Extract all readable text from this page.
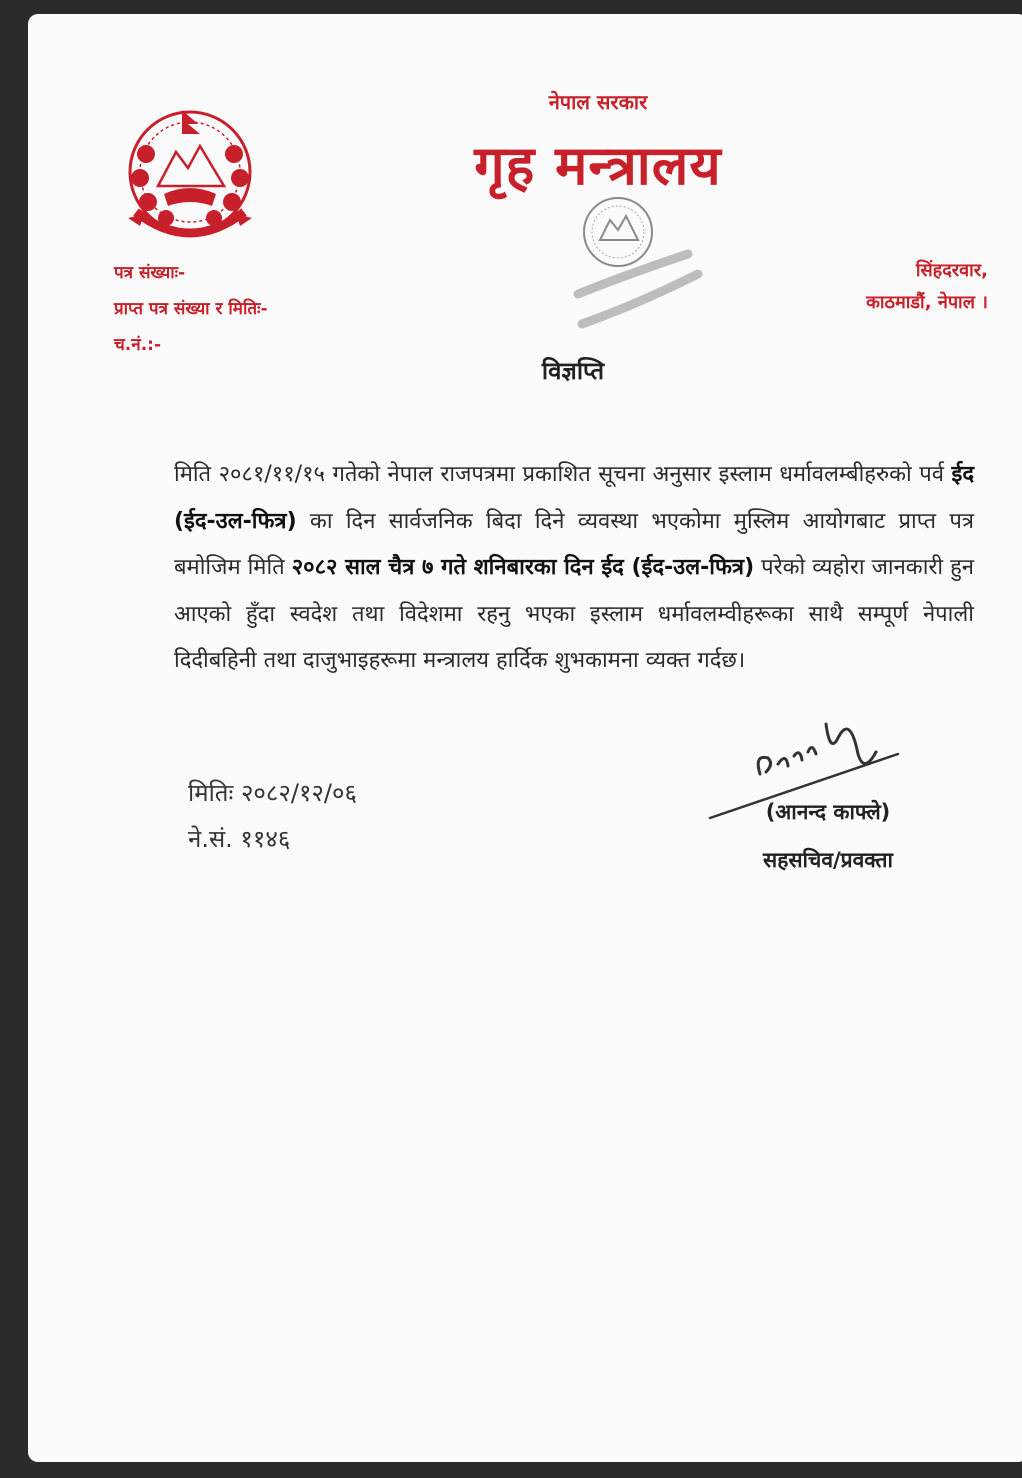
नेपाल सरकार
गृह मन्त्रालय
पत्र संख्याः-
प्राप्त पत्र संख्या र मितिः-
च.नं.:-
सिंहदरवार,
काठमाडौं, नेपाल ।
विज्ञप्ति
मिति २०८१/११/१५ गतेको नेपाल राजपत्रमा प्रकाशित सूचना अनुसार इस्लाम धर्मावलम्बीहरुको पर्व ईद (ईद-उल-फित्र) का दिन सार्वजनिक बिदा दिने व्यवस्था भएकोमा मुस्लिम आयोगबाट प्राप्त पत्र बमोजिम मिति २०८२ साल चैत्र ७ गते शनिबारका दिन ईद (ईद-उल-फित्र) परेको व्यहोरा जानकारी हुन आएको हुँदा स्वदेश तथा विदेशमा रहनु भएका इस्लाम धर्मावलम्वीहरूका साथै सम्पूर्ण नेपाली दिदीबहिनी तथा दाजुभाइहरूमा मन्त्रालय हार्दिक शुभकामना व्यक्त गर्दछ।
मितिः २०८२/१२/०६
ने.सं. ११४६
(आनन्द काफ्ले)
सहसचिव/प्रवक्ता
